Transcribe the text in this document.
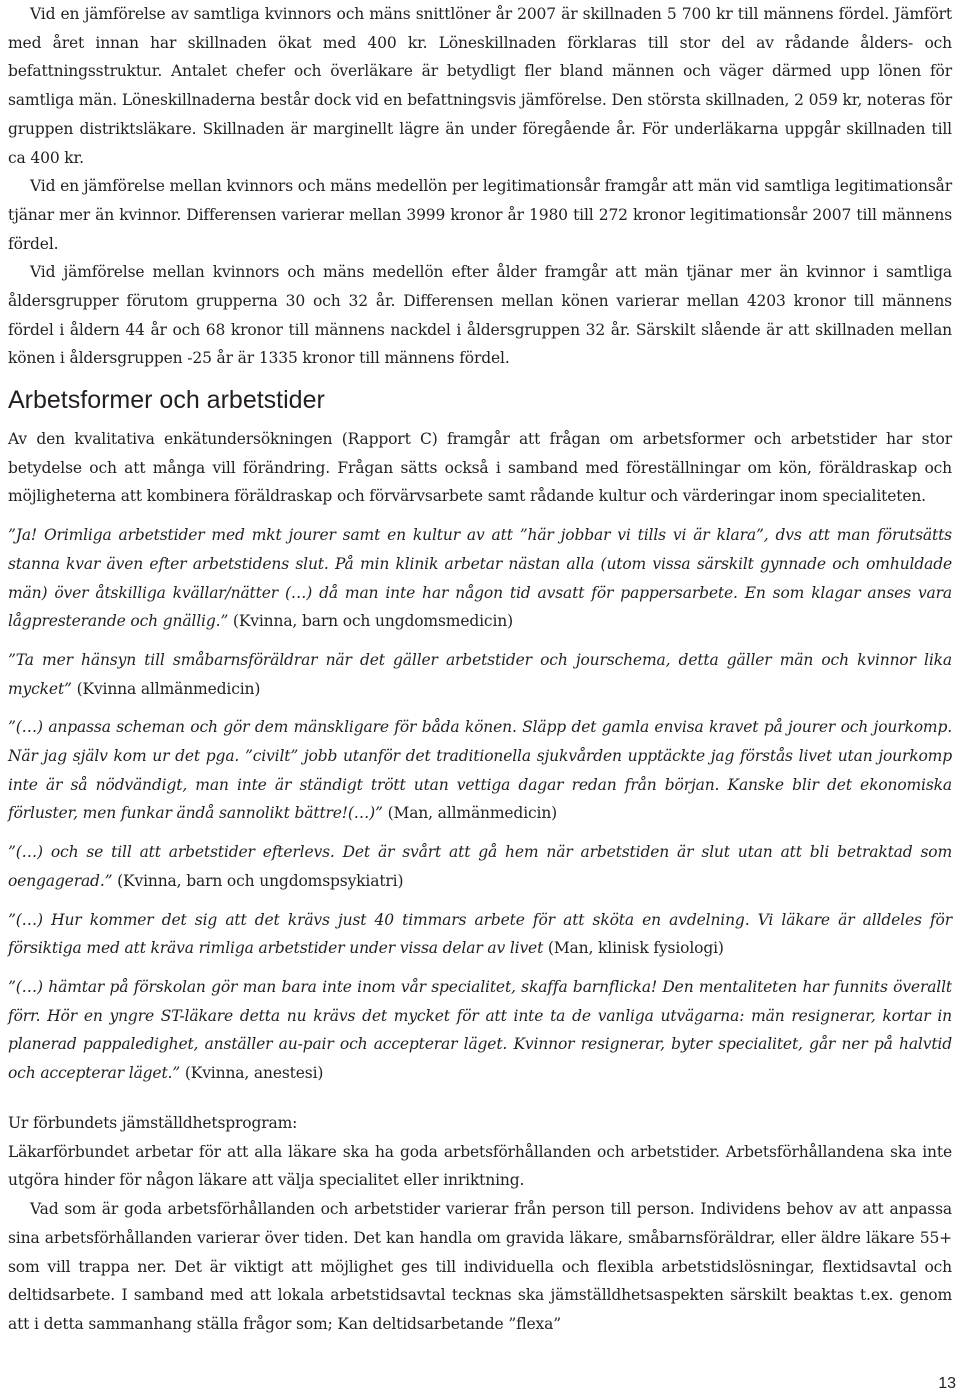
Vid en jämförelse av samtliga kvinnors och mäns snittlöner år 2007 är skillnaden 5 700 kr till männens fördel. Jämfört med året innan har skillnaden ökat med 400 kr. Löneskillnaden förklaras till stor del av rådande ålders- och befattningsstruktur. Antalet chefer och överläkare är betydligt fler bland männen och väger därmed upp lönen för samtliga män. Löneskillnaderna består dock vid en befattningsvis jämförelse. Den största skillnaden, 2 059 kr, noteras för gruppen distriktsläkare. Skillnaden är marginellt lägre än under föregående år. För underläkarna uppgår skillnaden till ca 400 kr.

Vid en jämförelse mellan kvinnors och mäns medellön per legitimationsår framgår att män vid samtliga legitimationsår tjänar mer än kvinnor. Differensen varierar mellan 3999 kronor år 1980 till 272 kronor legitimationsår 2007 till männens fördel.

Vid jämförelse mellan kvinnors och mäns medellön efter ålder framgår att män tjänar mer än kvinnor i samtliga åldersgrupper förutom grupperna 30 och 32 år. Differensen mellan könen varierar mellan 4203 kronor till männens fördel i åldern 44 år och 68 kronor till männens nackdel i åldersgruppen 32 år. Särskilt slående är att skillnaden mellan könen i åldersgruppen -25 år är 1335 kronor till männens fördel.

Arbetsformer och arbetstider

Av den kvalitativa enkätundersökningen (Rapport C) framgår att frågan om arbetsformer och arbetstider har stor betydelse och att många vill förändring. Frågan sätts också i samband med föreställningar om kön, föräldraskap och möjligheterna att kombinera föräldraskap och förvärvsarbete samt rådande kultur och värderingar inom specialiteten.

”Ja! Orimliga arbetstider med mkt jourer samt en kultur av att ”här jobbar vi tills vi är klara”, dvs att man förutsätts stanna kvar även efter arbetstidens slut. På min klinik arbetar nästan alla (utom vissa särskilt gynnade och omhuldade män) över åtskilliga kvällar/nätter (…) då man inte har någon tid avsatt för pappersarbete. En som klagar anses vara lågpresterande och gnällig.” (Kvinna, barn och ungdomsmedicin)

”Ta mer hänsyn till småbarnsföräldrar när det gäller arbetstider och jourschema, detta gäller män och kvinnor lika mycket” (Kvinna allmänmedicin)

”(…) anpassa scheman och gör dem mänskligare för båda könen. Släpp det gamla envisa kravet på jourer och jourkomp. När jag själv kom ur det pga. ”civilt” jobb utanför det traditionella sjukvården upptäckte jag förstås livet utan jourkomp inte är så nödvändigt, man inte är ständigt trött utan vettiga dagar redan från början. Kanske blir det ekonomiska förluster, men funkar ändå sannolikt bättre!(…)” (Man, allmänmedicin)

”(…) och se till att arbetstider efterlevs. Det är svårt att gå hem när arbetstiden är slut utan att bli betraktad som oengagerad.” (Kvinna, barn och ungdomspsykiatri)

”(…) Hur kommer det sig att det krävs just 40 timmars arbete för att sköta en avdelning. Vi läkare är alldeles för försiktiga med att kräva rimliga arbetstider under vissa delar av livet (Man, klinisk fysiologi)

”(…) hämtar på förskolan gör man bara inte inom vår specialitet, skaffa barnflicka! Den mentaliteten har funnits överallt förr. Hör en yngre ST-läkare detta nu krävs det mycket för att inte ta de vanliga utvägarna: män resignerar, kortar in planerad pappaledighet, anställer au-pair och accepterar läget. Kvinnor resignerar, byter specialitet, går ner på halvtid och accepterar läget.” (Kvinna, anestesi)

Ur förbundets jämställdhetsprogram:

Läkarförbundet arbetar för att alla läkare ska ha goda arbetsförhållanden och arbetstider. Arbetsförhållandena ska inte utgöra hinder för någon läkare att välja specialitet eller inriktning.

Vad som är goda arbetsförhållanden och arbetstider varierar från person till person. Individens behov av att anpassa sina arbetsförhållanden varierar över tiden. Det kan handla om gravida läkare, småbarnsföräldrar, eller äldre läkare 55+ som vill trappa ner. Det är viktigt att möjlighet ges till individuella och flexibla arbetstidslösningar, flextidsavtal och deltidsarbete. I samband med att lokala arbetstidsavtal tecknas ska jämställdhetsaspekten särskilt beaktas t.ex. genom att i detta sammanhang ställa frågor som; Kan deltidsarbetande ”flexa”

13
